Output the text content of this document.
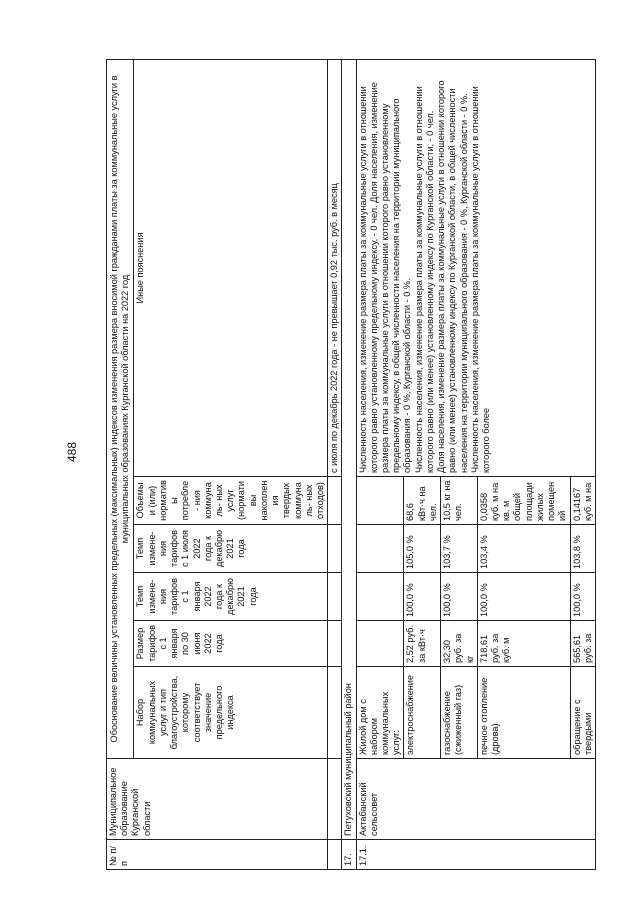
488
№ п/п	Муниципальное образование Курганской области	Обоснование величины установленных предельных (максимальных) индексов изменения размера вносимой гражданами платы за коммунальные услуги в муниципальных образованиях Курганской области на 2022 год					
		Набор коммунальных услуг и тип благоустройства, которому соответствует значение предельного индекса	Размер тарифов с 1 января по 30 июня 2022 года	Темп измене- ния тарифов с 1 января 2022 года к декабрю 2021 года	Темп измене- ния тарифов с 1 июля 2022 года к декабрю 2021 года	Объемы и (или) нормативы потребле- ния коммуналь- ных услуг (нормативы накопления твердых коммуналь- ных отходов)	Иные пояснения
							с июля по декабрь 2022 года - не превышает 0,92 тыс. руб. в месяц
17.	Петуховский муниципальный район						
17.1.	Актабанский сельсовет	Жилой дом с набором коммунальных услуг:					Численность населения, изменение размера платы за коммунальные услуги в отношении которого равно установленному предельному индексу, - 0 чел. Доля населения, изменение размера платы за коммунальные услуги в отношении которого равно установленному предельному индексу, в общей численности населения на территории муниципального образования - 0 %, Курганской области - 0 %. Численность населения, изменение размера платы за коммунальные услуги в отношении которого равно (или менее) установленному индексу по Курганской области, - 0 чел. Доля населения, изменение размера платы за коммунальные услуги в отношении которого равно (или менее) установленному индексу по Курганской области, в общей численности населения на территории муниципального образования - 0 %, Курганской области - 0 %. Численность населения, изменение размера платы за коммунальные услуги в отношении которого более

		электроснабжение	2,52 руб. за кВт·ч	100,0 %	105,0 %	68,6 кВт·ч на чел.	
		газоснабжение (сжиженный газ)	32,30 руб. за кг	100,0 %	103,7 %	10,5 кг на чел.	
		печное отопление (дрова)	718,61 руб. за куб. м	100,0 %	103,4 %	0,0358 куб. м на кв. м общей площади жилых помещений	
		обращение с твердыми	565,61 руб. за	100,0 %	103,8 %	0,14167 куб. м на	
